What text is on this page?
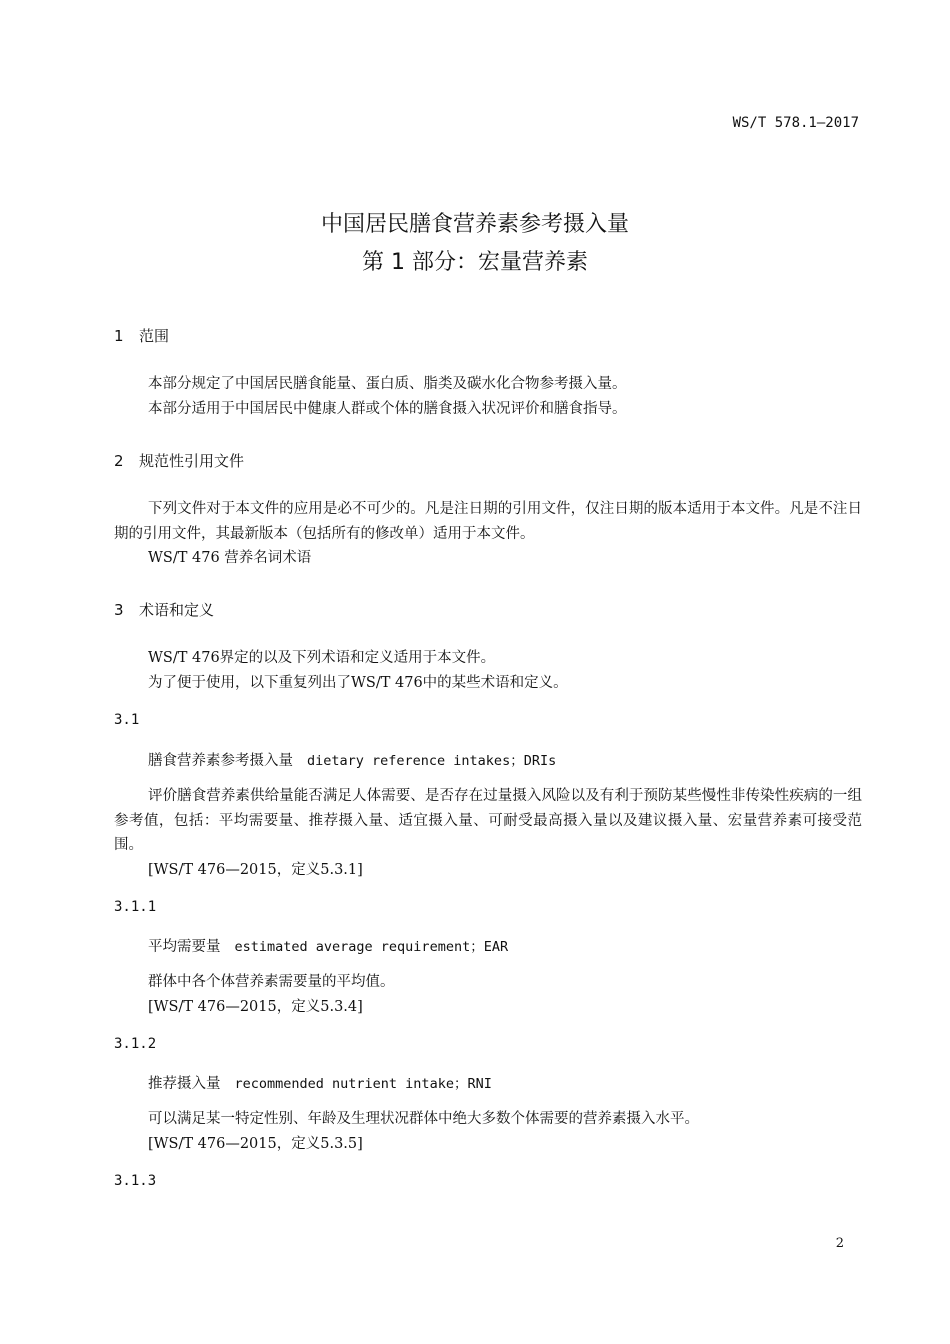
WS/T 578.1—2017
中国居民膳食营养素参考摄入量
第 1 部分：宏量营养素
1 范围
本部分规定了中国居民膳食能量、蛋白质、脂类及碳水化合物参考摄入量。
本部分适用于中国居民中健康人群或个体的膳食摄入状况评价和膳食指导。
2 规范性引用文件
下列文件对于本文件的应用是必不可少的。凡是注日期的引用文件，仅注日期的版本适用于本文件。凡是不注日期的引用文件，其最新版本（包括所有的修改单）适用于本文件。
WS/T 476 营养名词术语
3 术语和定义
WS/T 476界定的以及下列术语和定义适用于本文件。
为了便于使用，以下重复列出了WS/T 476中的某些术语和定义。
3.1
膳食营养素参考摄入量 dietary reference intakes；DRIs
评价膳食营养素供给量能否满足人体需要、是否存在过量摄入风险以及有利于预防某些慢性非传染性疾病的一组参考值，包括：平均需要量、推荐摄入量、适宜摄入量、可耐受最高摄入量以及建议摄入量、宏量营养素可接受范围。
[WS/T 476—2015，定义5.3.1]
3.1.1
平均需要量 estimated average requirement；EAR
群体中各个体营养素需要量的平均值。
[WS/T 476—2015，定义5.3.4]
3.1.2
推荐摄入量 recommended nutrient intake；RNI
可以满足某一特定性别、年龄及生理状况群体中绝大多数个体需要的营养素摄入水平。
[WS/T 476—2015，定义5.3.5]
3.1.3
2
